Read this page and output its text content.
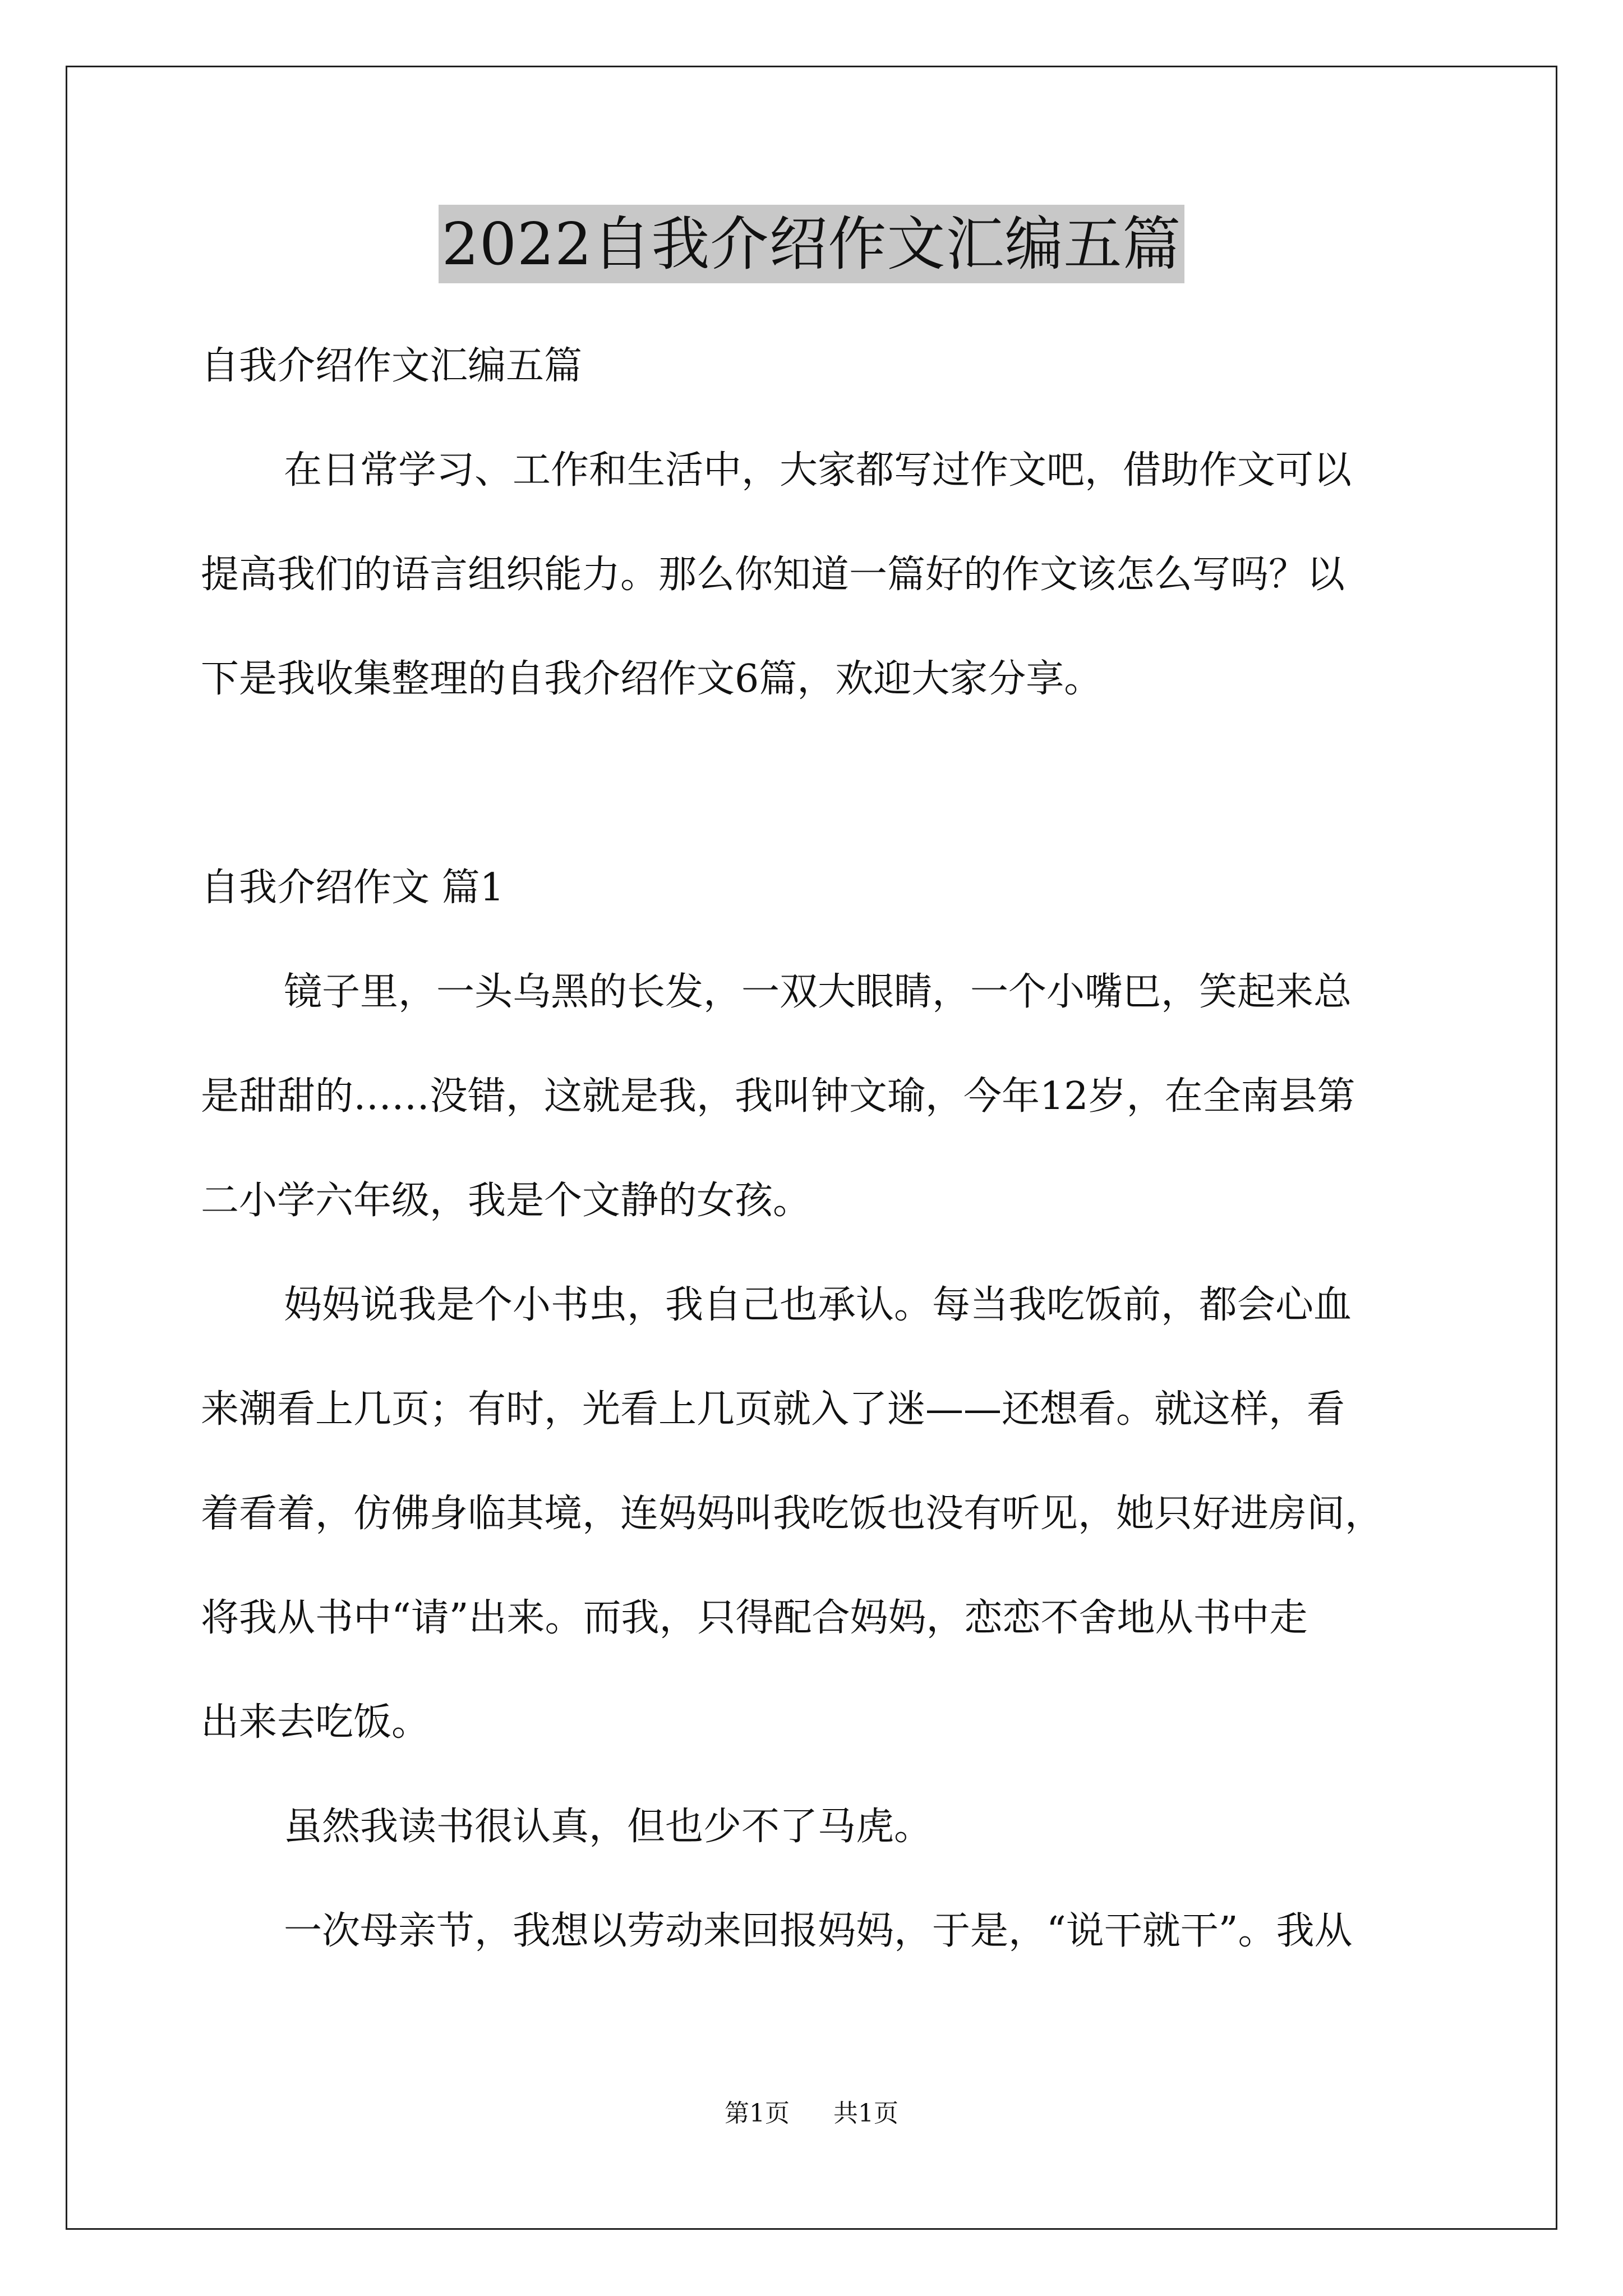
2022自我介绍作文汇编五篇
自我介绍作文汇编五篇
在日常学习、工作和生活中，大家都写过作文吧，借助作文可以
提高我们的语言组织能力。那么你知道一篇好的作文该怎么写吗？以
下是我收集整理的自我介绍作文6篇，欢迎大家分享。
自我介绍作文 篇1
镜子里，一头乌黑的长发，一双大眼睛，一个小嘴巴，笑起来总
是甜甜的……没错，这就是我，我叫钟文瑜，今年12岁，在全南县第
二小学六年级，我是个文静的女孩。
妈妈说我是个小书虫，我自己也承认。每当我吃饭前，都会心血
来潮看上几页；有时，光看上几页就入了迷——还想看。就这样，看
着看着，仿佛身临其境，连妈妈叫我吃饭也没有听见，她只好进房间，
将我从书中“请”出来。而我，只得配合妈妈，恋恋不舍地从书中走
出来去吃饭。
虽然我读书很认真，但也少不了马虎。
一次母亲节，我想以劳动来回报妈妈，于是，“说干就干”。我从
第1页 共1页
